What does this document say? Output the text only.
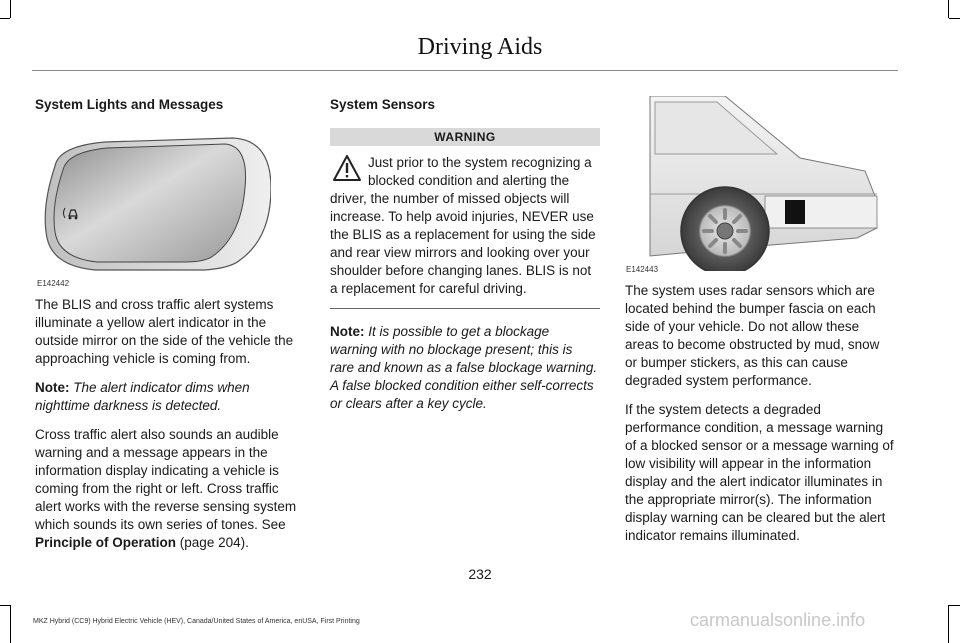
Driving Aids
System Lights and Messages
E142442

The BLIS and cross traffic alert systems illuminate a yellow alert indicator in the outside mirror on the side of the vehicle the approaching vehicle is coming from.

Note: The alert indicator dims when nighttime darkness is detected.

Cross traffic alert also sounds an audible warning and a message appears in the information display indicating a vehicle is coming from the right or left. Cross traffic alert works with the reverse sensing system which sounds its own series of tones. See
Principle of Operation (page 204).

System Sensors
WARNING

Just prior to the system recognizing a blocked condition and alerting the driver, the number of missed objects will increase. To help avoid injuries, NEVER use the BLIS as a replacement for using the side and rear view mirrors and looking over your shoulder before changing lanes. BLIS is not a replacement for careful driving.

Note: It is possible to get a blockage warning with no blockage present; this is rare and known as a false blockage warning. A false blocked condition either self-corrects or clears after a key cycle.

E142443

The system uses radar sensors which are located behind the bumper fascia on each side of your vehicle. Do not allow these areas to become obstructed by mud, snow or bumper stickers, as this can cause degraded system performance.

If the system detects a degraded performance condition, a message warning of a blocked sensor or a message warning of low visibility will appear in the information display and the alert indicator illuminates in the appropriate mirror(s). The information display warning can be cleared but the alert indicator remains illuminated.

232
MKZ Hybrid (CC9) Hybrid Electric Vehicle (HEV), Canada/United States of America, enUSA, First Printing	carmanualsonline.info
